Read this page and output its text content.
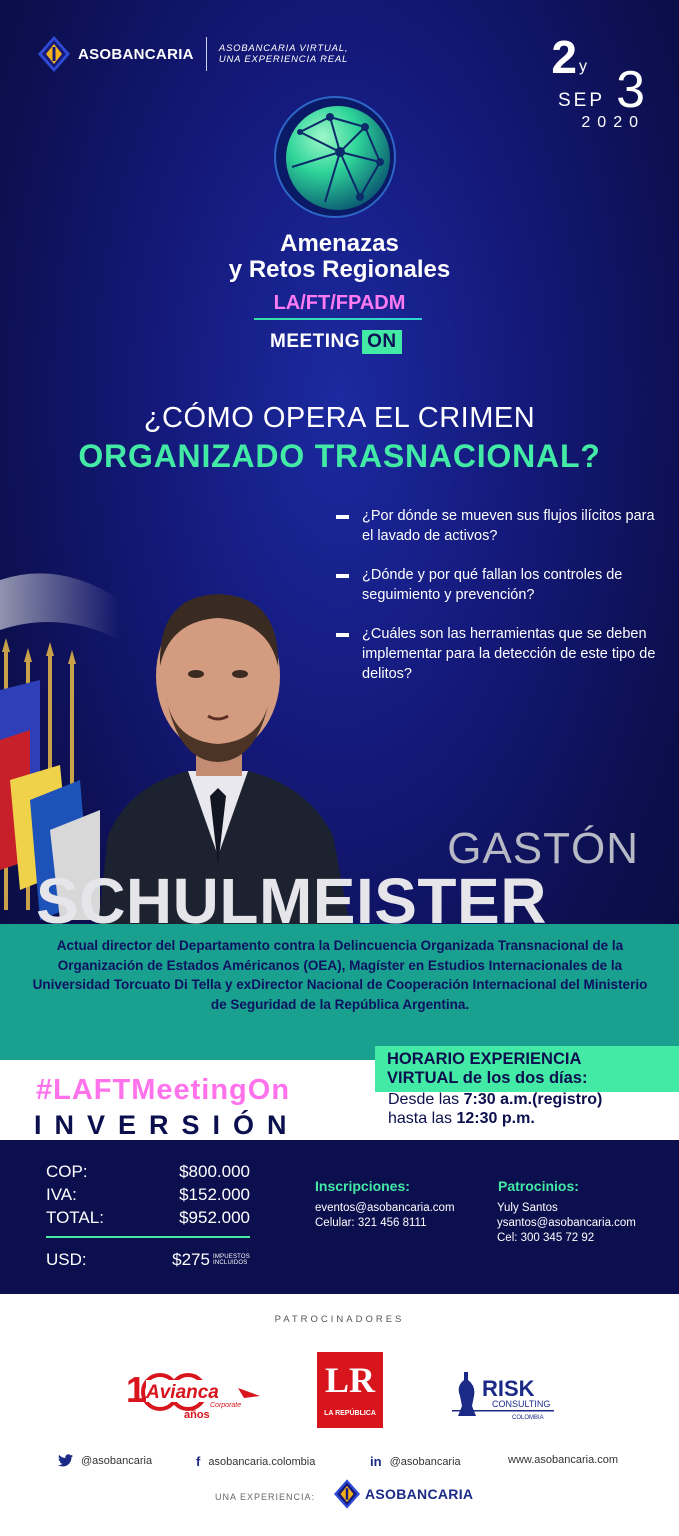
ASOBANCARIA	ASOBANCARIA VIRTUAL,
UNA EXPERIENCIA REAL	2 y 3
SEP
2020
Amenazas
y Retos Regionales
LA/FT/FPADM
MEETING ON
¿CÓMO OPERA EL CRIMEN
ORGANIZADO TRASNACIONAL?
¿Por dónde se mueven sus flujos ilícitos para el lavado de activos?
¿Dónde y por qué fallan los controles de seguimiento y prevención?
¿Cuáles son las herramientas que se deben implementar para la detección de este tipo de delitos?
GASTÓN
SCHULMEISTER
Actual director del Departamento contra la Delincuencia Organizada Transnacional de la Organización de Estados Américanos (OEA), Magíster en Estudios Internacionales de la Universidad Torcuato Di Tella y exDirector Nacional de Cooperación Internacional del Ministerio de Seguridad de la República Argentina.
HORARIO EXPERIENCIA
VIRTUAL de los dos días:
Desde las 7:30 a.m.(registro)
hasta las 12:30 p.m.
#LAFTMeetingOn
INVERSIÓN
COP:	$800.000
IVA:	$152.000
TOTAL:	$952.000
USD:	$275 IMPUESTOS
INCLUIDOS
Inscripciones:
eventos@asobancaria.com
Celular: 321 456 8111
Patrocinios:
Yuly Santos
ysantos@asobancaria.com
Cel: 300 345 72 92
PATROCINADORES
1 Avianca
Corporate
años
LR
LA REPÚBLICA
RISK
CONSULTING
COLOMBIA
@asobancaria	f asobancaria.colombia	in @asobancaria	www.asobancaria.com
UNA EXPERIENCIA:	ASOBANCARIA
